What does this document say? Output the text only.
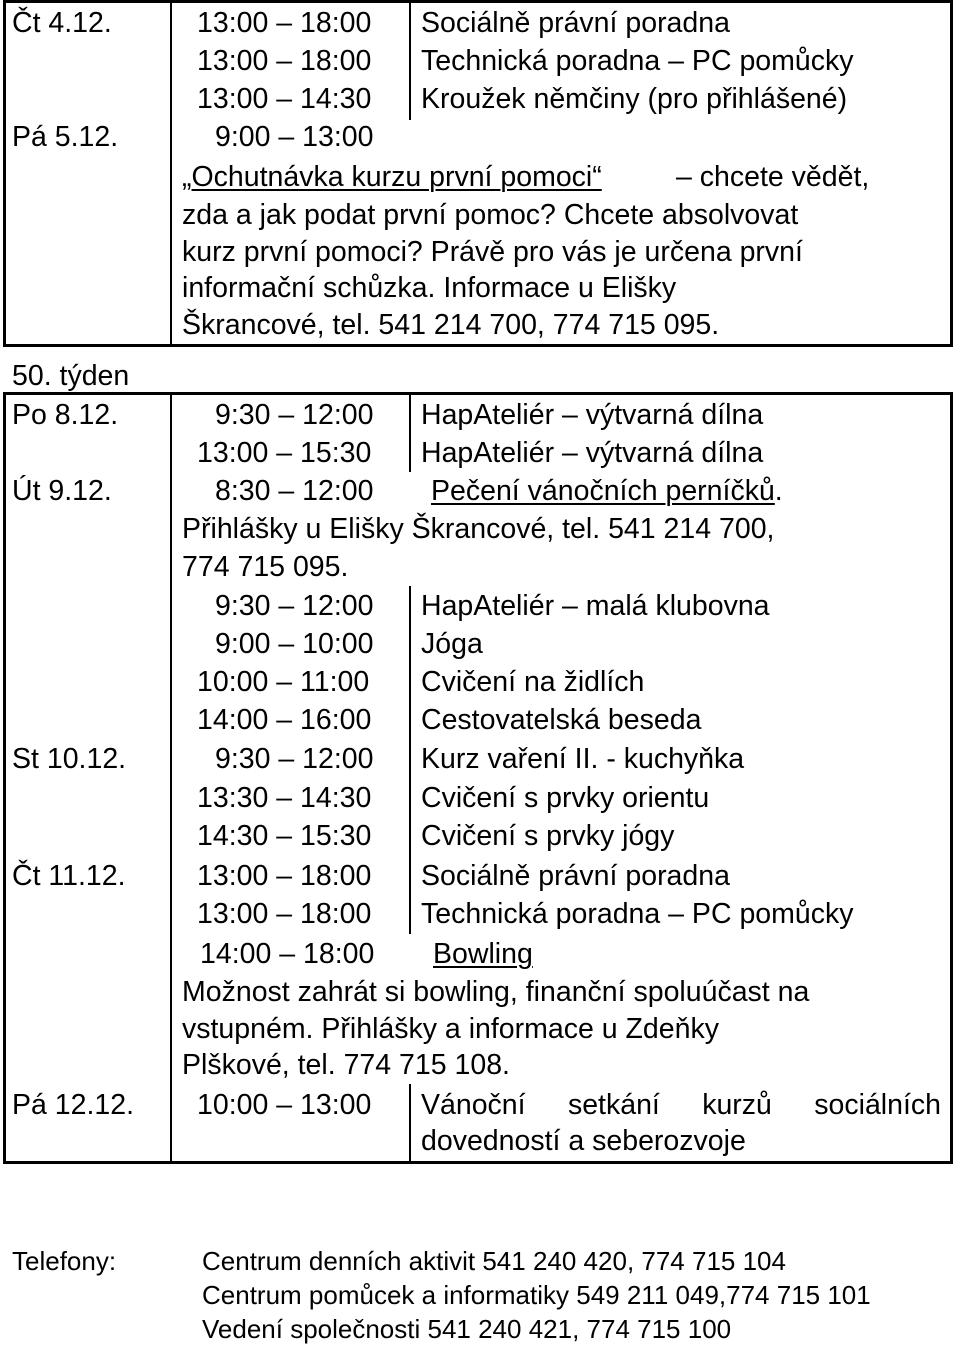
Čt 4.12.	13:00 – 18:00 Sociálně právní poradna
13:00 – 18:00 Technická poradna – PC pomůcky
13:00 – 14:30 Kroužek němčiny (pro přihlášené)
Pá 5.12.	9:00 – 13:00
„Ochutnávka kurzu první pomoci“	– chcete vědět,
zda a jak podat první pomoc? Chcete absolvovat
kurz první pomoci? Právě pro vás je určena první
informační schůzka. Informace u Elišky
Škrancové, tel. 541 214 700, 774 715 095.
50. týden
Po 8.12.	9:30 – 12:00 HapAteliér – výtvarná dílna
13:00 – 15:30 HapAteliér – výtvarná dílna
Út 9.12.	8:30 – 12:00 Pečení vánočních perníčků.
Přihlášky u Elišky Škrancové, tel. 541 214 700,
774 715 095.
9:30 – 12:00 HapAteliér – malá klubovna
9:00 – 10:00 Jóga
10:00 – 11:00 Cvičení na židlích
14:00 – 16:00 Cestovatelská beseda
St 10.12.	9:30 – 12:00 Kurz vaření II. - kuchyňka
13:30 – 14:30 Cvičení s prvky orientu
14:30 – 15:30 Cvičení s prvky jógy
Čt 11.12.	13:00 – 18:00 Sociálně právní poradna
13:00 – 18:00 Technická poradna – PC pomůcky
14:00 – 18:00 Bowling
Možnost zahrát si bowling, finanční spoluúčast na
vstupném. Přihlášky a informace u Zdeňky
Plškové, tel. 774 715 108.
Pá 12.12. 10:00 – 13:00 Vánoční setkání kurzů sociálních
dovedností a seberozvoje
Telefony:	Centrum denních aktivit 541 240 420, 774 715 104
Centrum pomůcek a informatiky 549 211 049,774 715 101
Vedení společnosti 541 240 421, 774 715 100
